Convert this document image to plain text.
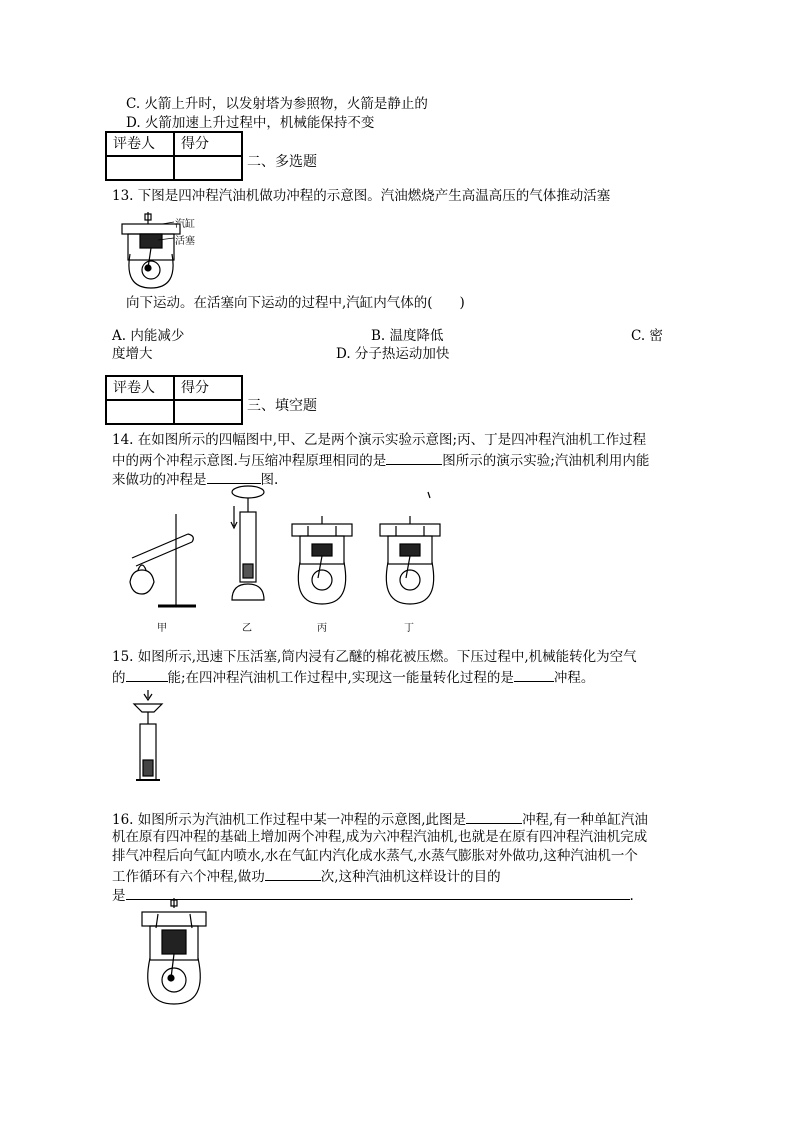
C. 火箭上升时，以发射塔为参照物，火箭是静止的
D. 火箭加速上升过程中，机械能保持不变
评卷人	得分

二、多选题
13. 下图是四冲程汽油机做功冲程的示意图。汽油燃烧产生高温高压的气体推动活塞
汽缸
活塞
向下运动。在活塞向下运动的过程中,汽缸内气体的(　　)
A. 内能减少	B. 温度降低	C. 密
度增大	D. 分子热运动加快
评卷人	得分

三、填空题
14. 在如图所示的四幅图中,甲、乙是两个演示实验示意图;丙、丁是四冲程汽油机工作过程
中的两个冲程示意图.与压缩冲程原理相同的是	图所示的演示实验;汽油机利用内能
来做功的冲程是	图.
甲	乙	丙	丁
15. 如图所示,迅速下压活塞,筒内浸有乙醚的棉花被压燃。下压过程中,机械能转化为空气
的	能;在四冲程汽油机工作过程中,实现这一能量转化过程的是	冲程。
16. 如图所示为汽油机工作过程中某一冲程的示意图,此图是	冲程,有一种单缸汽油
机在原有四冲程的基础上增加两个冲程,成为六冲程汽油机,也就是在原有四冲程汽油机完成
排气冲程后向气缸内喷水,水在气缸内汽化成水蒸气,水蒸气膨胀对外做功,这种汽油机一个
工作循环有六个冲程,做功	次,这种汽油机这样设计的目的
是	.
